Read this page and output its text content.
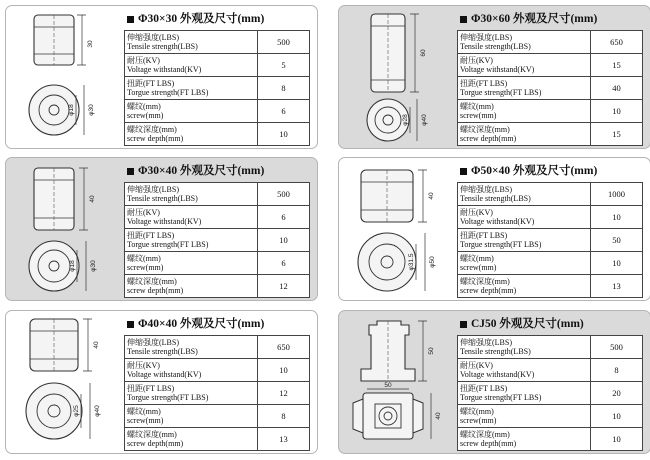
30
φ18 φ30
Φ30×30 外观及尺寸(mm)
伸缩强度(LBS)
Tensile strength(LBS)	500
耐压(KV)
Voltage withstand(KV)	5
扭距(FT LBS)
Torgue strength(FT LBS)	8
螺纹(mm)
screw(mm)	6
螺纹深度(mm)
screw depth(mm)	10
60
φ28 φ40
Φ30×60 外观及尺寸(mm)
伸缩强度(LBS)
Tensile strength(LBS)	650
耐压(KV)
Voltage withstand(KV)	15
扭距(FT LBS)
Torgue strength(FT LBS)	40
螺纹(mm)
screw(mm)	10
螺纹深度(mm)
screw depth(mm)	15
40
φ18 φ30
Φ30×40 外观及尺寸(mm)
伸缩强度(LBS)
Tensile strength(LBS)	500
耐压(KV)
Voltage withstand(KV)	6
扭距(FT LBS)
Torgue strength(FT LBS)	10
螺纹(mm)
screw(mm)	6
螺纹深度(mm)
screw depth(mm)	12
40
φ31.5 φ50
Φ50×40 外观及尺寸(mm)
伸缩强度(LBS)
Tensile strength(LBS)	1000
耐压(KV)
Voltage withstand(KV)	10
扭距(FT LBS)
Torgue strength(FT LBS)	50
螺纹(mm)
screw(mm)	10
螺纹深度(mm)
screw depth(mm)	13
40
φ25 φ40
Φ40×40 外观及尺寸(mm)
伸缩强度(LBS)
Tensile strength(LBS)	650
耐压(KV)
Voltage withstand(KV)	10
扭距(FT LBS)
Torgue strength(FT LBS)	12
螺纹(mm)
screw(mm)	8
螺纹深度(mm)
screw depth(mm)	13
50
50
40
CJ50 外观及尺寸(mm)
伸缩强度(LBS)
Tensile strength(LBS)	500
耐压(KV)
Voltage withstand(KV)	8
扭距(FT LBS)
Torgue strength(FT LBS)	20
螺纹(mm)
screw(mm)	10
螺纹深度(mm)
screw depth(mm)	10
